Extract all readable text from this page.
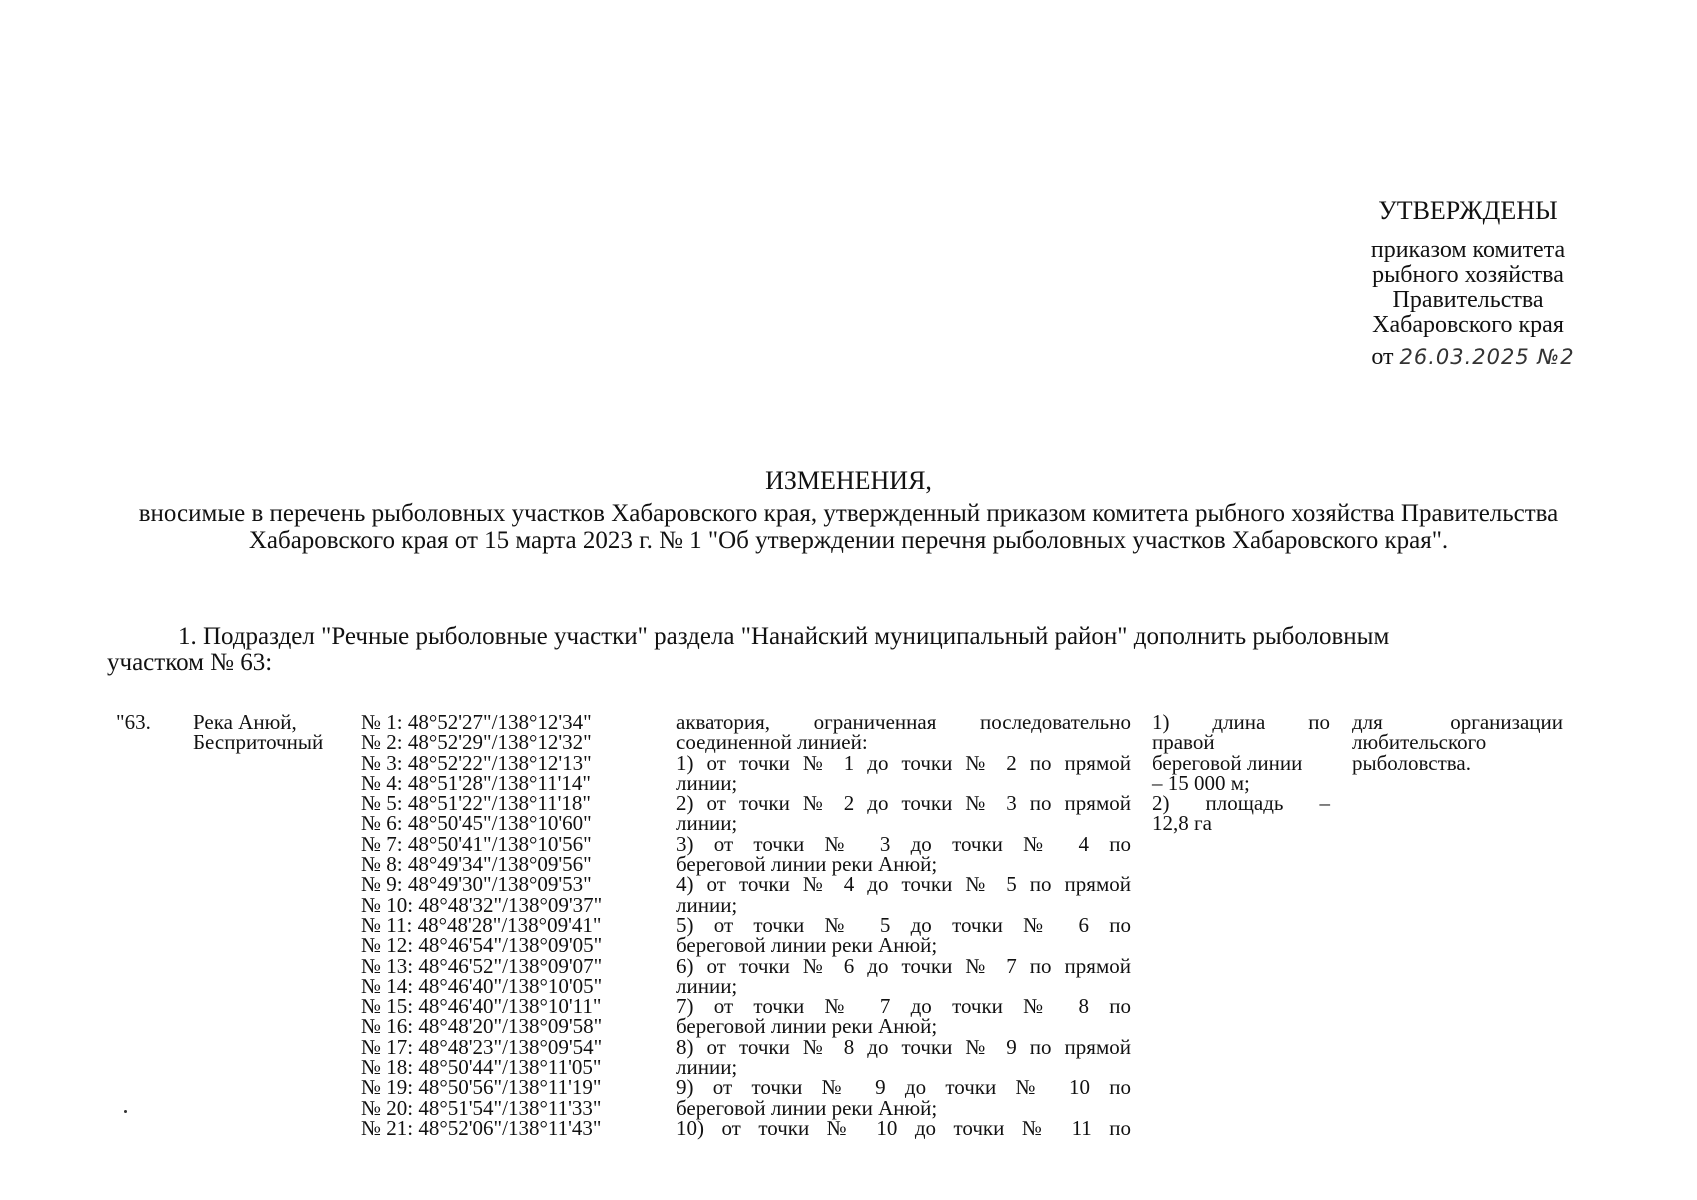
УТВЕРЖДЕНЫ
приказом комитета
рыбного хозяйства
Правительства
Хабаровского края
от 26.03.2025 №2
ИЗМЕНЕНИЯ,
вносимые в перечень рыболовных участков Хабаровского края, утвержденный приказом комитета рыбного хозяйства Правительства Хабаровского края от 15 марта 2023 г. № 1 "Об утверждении перечня рыболовных участков Хабаровского края".
1. Подраздел "Речные рыболовные участки" раздела "Нанайский муниципальный район" дополнить рыболовным
участком № 63:
"63.	Река Анюй,
Бесприточный
№ 1: 48°52'27"/138°12'34"
№ 2: 48°52'29"/138°12'32"
№ 3: 48°52'22"/138°12'13"
№ 4: 48°51'28"/138°11'14"
№ 5: 48°51'22"/138°11'18"
№ 6: 48°50'45"/138°10'60"
№ 7: 48°50'41"/138°10'56"
№ 8: 48°49'34"/138°09'56"
№ 9: 48°49'30"/138°09'53"
№ 10: 48°48'32"/138°09'37"
№ 11: 48°48'28"/138°09'41"
№ 12: 48°46'54"/138°09'05"
№ 13: 48°46'52"/138°09'07"
№ 14: 48°46'40"/138°10'05"
№ 15: 48°46'40"/138°10'11"
№ 16: 48°48'20"/138°09'58"
№ 17: 48°48'23"/138°09'54"
№ 18: 48°50'44"/138°11'05"
№ 19: 48°50'56"/138°11'19"
№ 20: 48°51'54"/138°11'33"
№ 21: 48°52'06"/138°11'43"
акватория, ограниченная последовательно
соединенной линией:
1) от точки № 1 до точки № 2 по прямой
линии;
2) от точки № 2 до точки № 3 по прямой
линии;
3) от точки № 3 до точки № 4 по
береговой линии реки Анюй;
4) от точки № 4 до точки № 5 по прямой
линии;
5) от точки № 5 до точки № 6 по
береговой линии реки Анюй;
6) от точки № 6 до точки № 7 по прямой
линии;
7) от точки № 7 до точки № 8 по
береговой линии реки Анюй;
8) от точки № 8 до точки № 9 по прямой
линии;
9) от точки № 9 до точки № 10 по
береговой линии реки Анюй;
10) от точки № 10 до точки № 11 по
1) длина по
правой
береговой линии
– 15 000 м;
2) площадь –
12,8 га
для организации
любительского
рыболовства.
